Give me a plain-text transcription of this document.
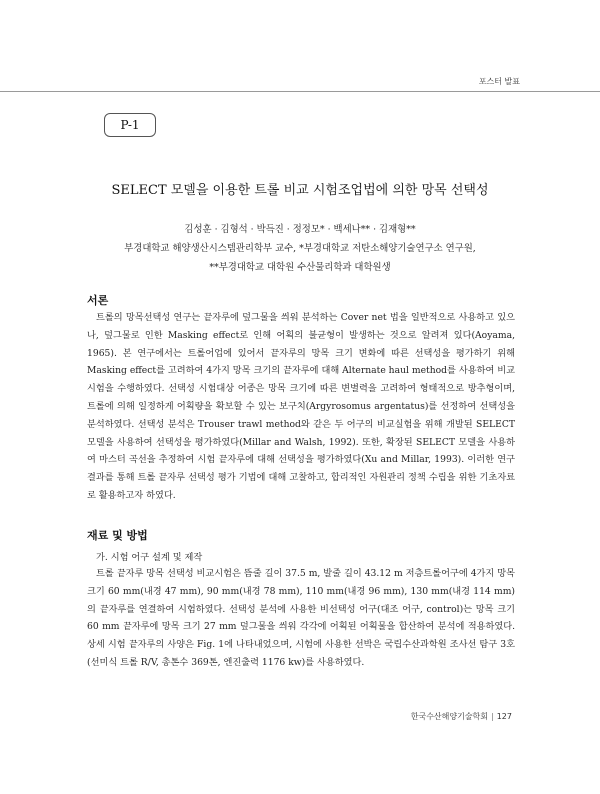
포스터 발표
P-1
SELECT 모델을 이용한 트롤 비교 시험조업법에 의한 망목 선택성
김성훈 · 김형석 · 박득진 · 정정모* · 백세나** · 김재형**
부경대학교 해양생산시스템관리학부 교수, *부경대학교 저탄소해양기술연구소 연구원,
**부경대학교 대학원 수산물리학과 대학원생
서론

트롤의 망목선택성 연구는 끝자루에 덮그물을 씌워 분석하는 Cover net 법을 일반적으로 사용하고 있으나, 덮그물로 인한 Masking effect로 인해 어획의 불균형이 발생하는 것으로 알려져 있다(Aoyama, 1965). 본 연구에서는 트롤어업에 있어서 끝자루의 망목 크기 변화에 따른 선택성을 평가하기 위해 Masking effect를 고려하여 4가지 망목 크기의 끝자루에 대해 Alternate haul method를 사용하여 비교시험을 수행하였다. 선택성 시험대상 어종은 망목 크기에 따른 변별력을 고려하여 형태적으로 방추형이며, 트롤에 의해 일정하게 어획량을 확보할 수 있는 보구치(Argyrosomus argentatus)를 선정하여 선택성을 분석하였다. 선택성 분석은 Trouser trawl method와 같은 두 어구의 비교실험을 위해 개발된 SELECT 모델을 사용하여 선택성을 평가하였다(Millar and Walsh, 1992). 또한, 확장된 SELECT 모델을 사용하여 마스터 곡선을 추정하여 시험 끝자루에 대해 선택성을 평가하였다(Xu and Millar, 1993). 이러한 연구 결과를 통해 트롤 끝자루 선택성 평가 기법에 대해 고찰하고, 합리적인 자원관리 정책 수립을 위한 기초자료로 활용하고자 하였다.

재료 및 방법

가. 시험 어구 설계 및 제작

트롤 끝자루 망목 선택성 비교시험은 뜸줄 길이 37.5 m, 발줄 길이 43.12 m 저층트롤어구에 4가지 망목 크기 60 mm(내경 47 mm), 90 mm(내경 78 mm), 110 mm(내경 96 mm), 130 mm(내경 114 mm)의 끝자루를 연결하여 시험하였다. 선택성 분석에 사용한 비선택성 어구(대조 어구, control)는 망목 크기 60 mm 끝자루에 망목 크기 27 mm 덮그물을 씌워 각각에 어획된 어획물을 합산하여 분석에 적용하였다. 상세 시험 끝자루의 사양은 Fig. 1에 나타내었으며, 시험에 사용한 선박은 국립수산과학원 조사선 탐구 3호 (선미식 트롤 R/V, 총톤수 369톤, 엔진출력 1176 kw)를 사용하였다.

한국수산해양기술학회 | 127
